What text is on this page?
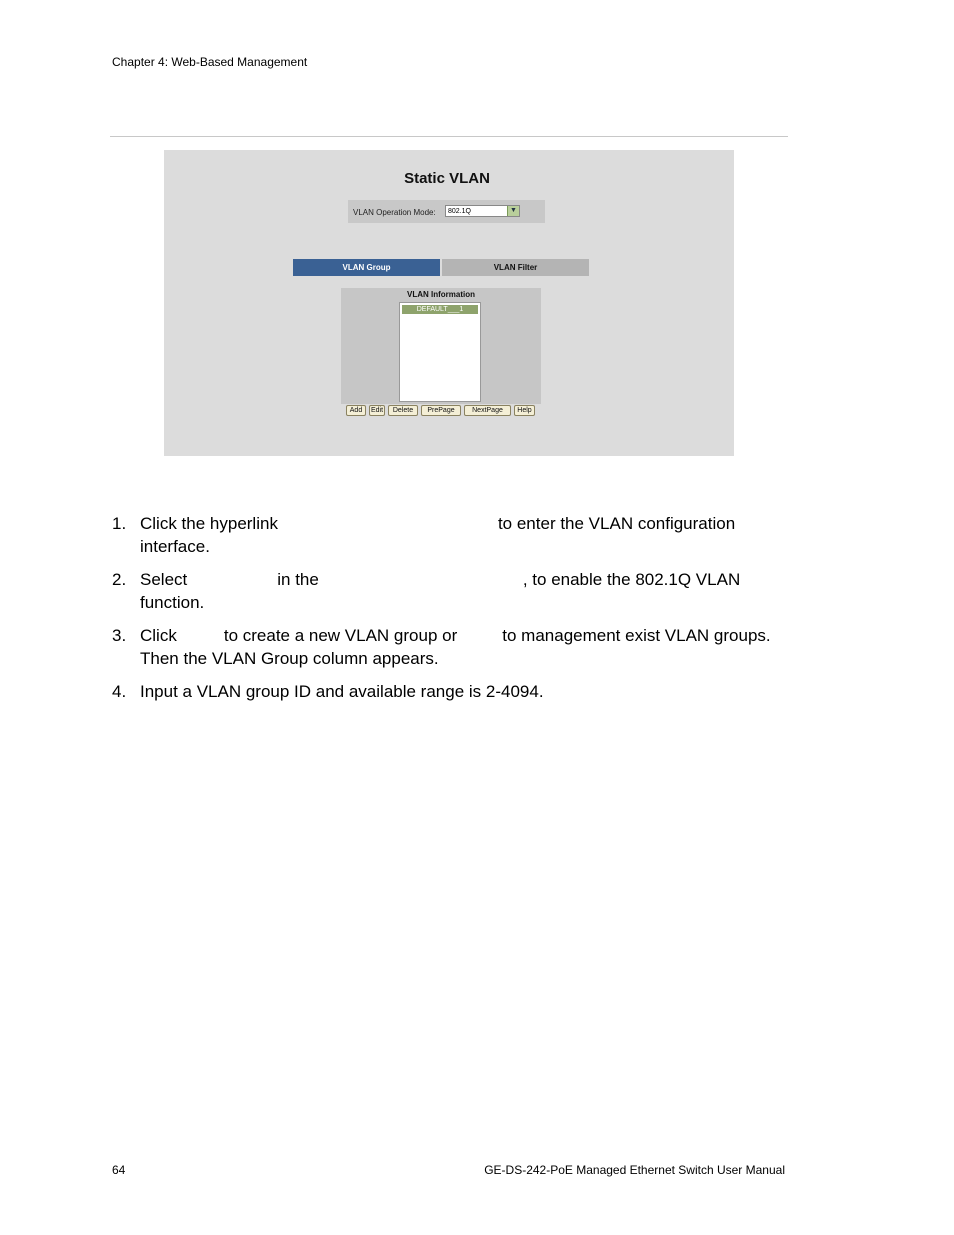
Chapter 4: Web-Based Management
Static VLAN
VLAN Operation Mode:	802.1Q	▼
VLAN Group	VLAN Filter
VLAN Information
DEFAULT___1
Add	Edit	Delete	PrePage	NextPage	Help
1. Click the hyperlink	to enter the VLAN configuration interface.
2. Select	in the	, to enable the 802.1Q VLAN function.
3. Click	to create a new VLAN group or	to management exist VLAN groups. Then the VLAN Group column appears.
4. Input a VLAN group ID and available range is 2-4094.
64	GE-DS-242-PoE Managed Ethernet Switch User Manual
